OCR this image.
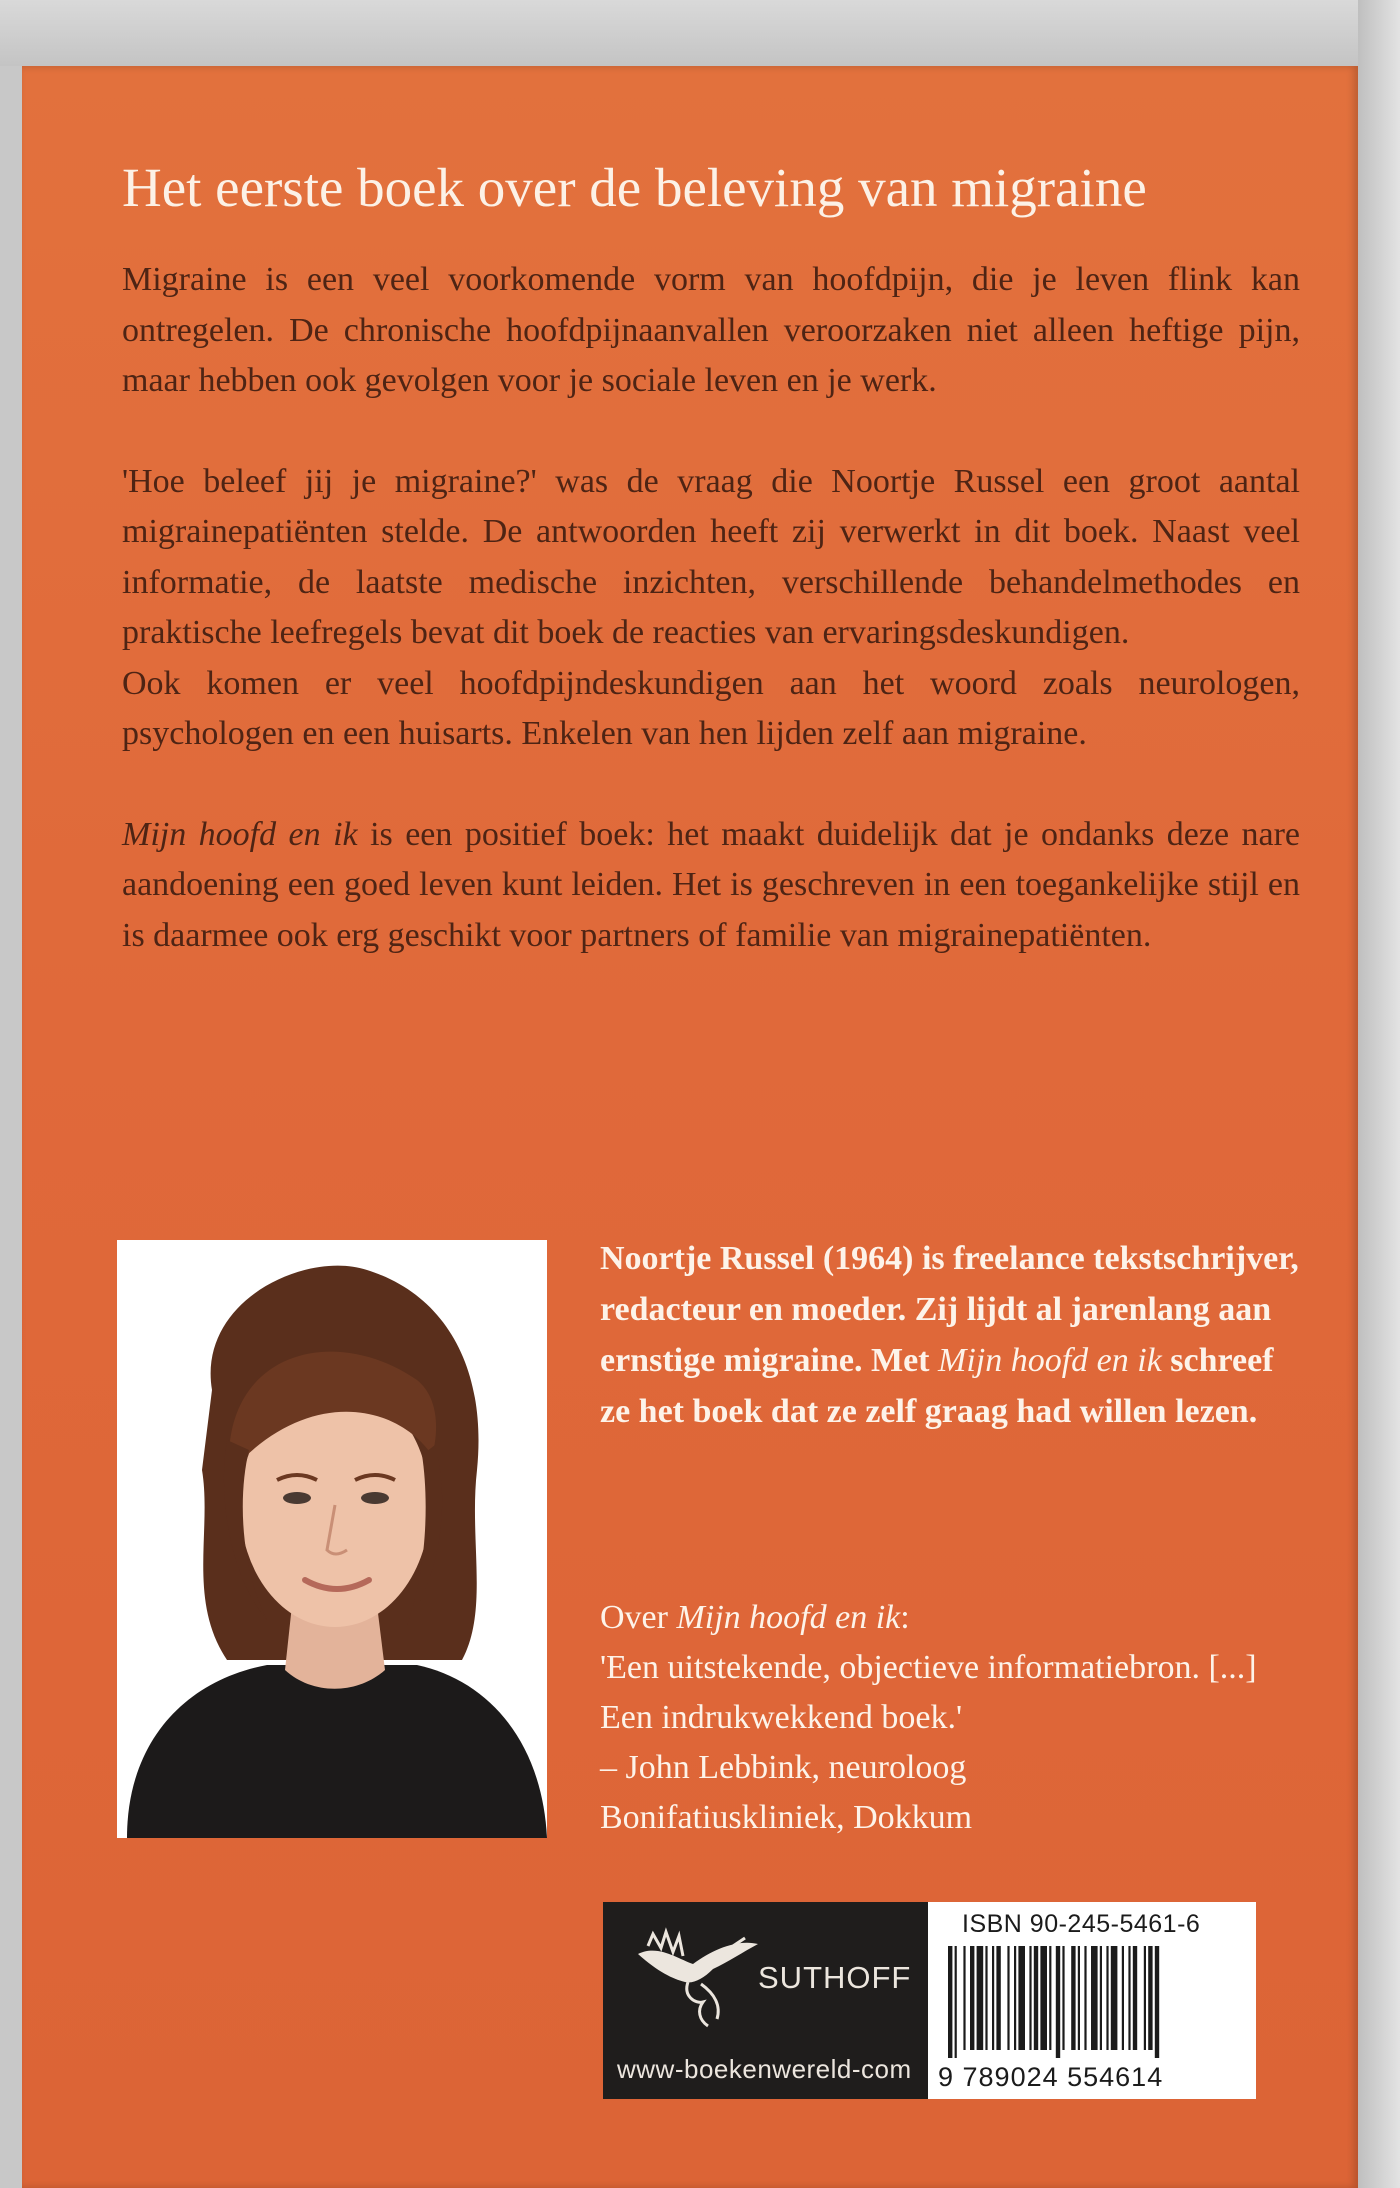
Het eerste boek over de beleving van migraine

Migraine is een veel voorkomende vorm van hoofdpijn, die je leven flink kan ontregelen. De chronische hoofdpijnaanvallen veroorzaken niet alleen heftige pijn, maar hebben ook gevolgen voor je sociale leven en je werk.

'Hoe beleef jij je migraine?' was de vraag die Noortje Russel een groot aantal migrainepatiënten stelde. De antwoorden heeft zij verwerkt in dit boek. Naast veel informatie, de laatste medische inzichten, verschillende behandelmethodes en praktische leefregels bevat dit boek de reacties van ervaringsdeskundigen.

Ook komen er veel hoofdpijndeskundigen aan het woord zoals neurologen, psychologen en een huisarts. Enkelen van hen lijden zelf aan migraine.

Mijn hoofd en ik is een positief boek: het maakt duidelijk dat je ondanks deze nare aandoening een goed leven kunt leiden. Het is geschreven in een toegankelijke stijl en is daarmee ook erg geschikt voor partners of familie van migrainepatiënten.

Noortje Russel (1964) is freelance tekstschrijver, redacteur en moeder. Zij lijdt al jarenlang aan ernstige migraine. Met Mijn hoofd en ik schreef ze het boek dat ze zelf graag had willen lezen.

Over Mijn hoofd en ik:
'Een uitstekende, objectieve informatiebron. [...] Een indrukwekkend boek.'
– John Lebbink, neuroloog
Bonifatiuskliniek, Dokkum
SUTHOFF
www-boekenwereld-com
ISBN 90-245-5461-6
9 789024 554614
